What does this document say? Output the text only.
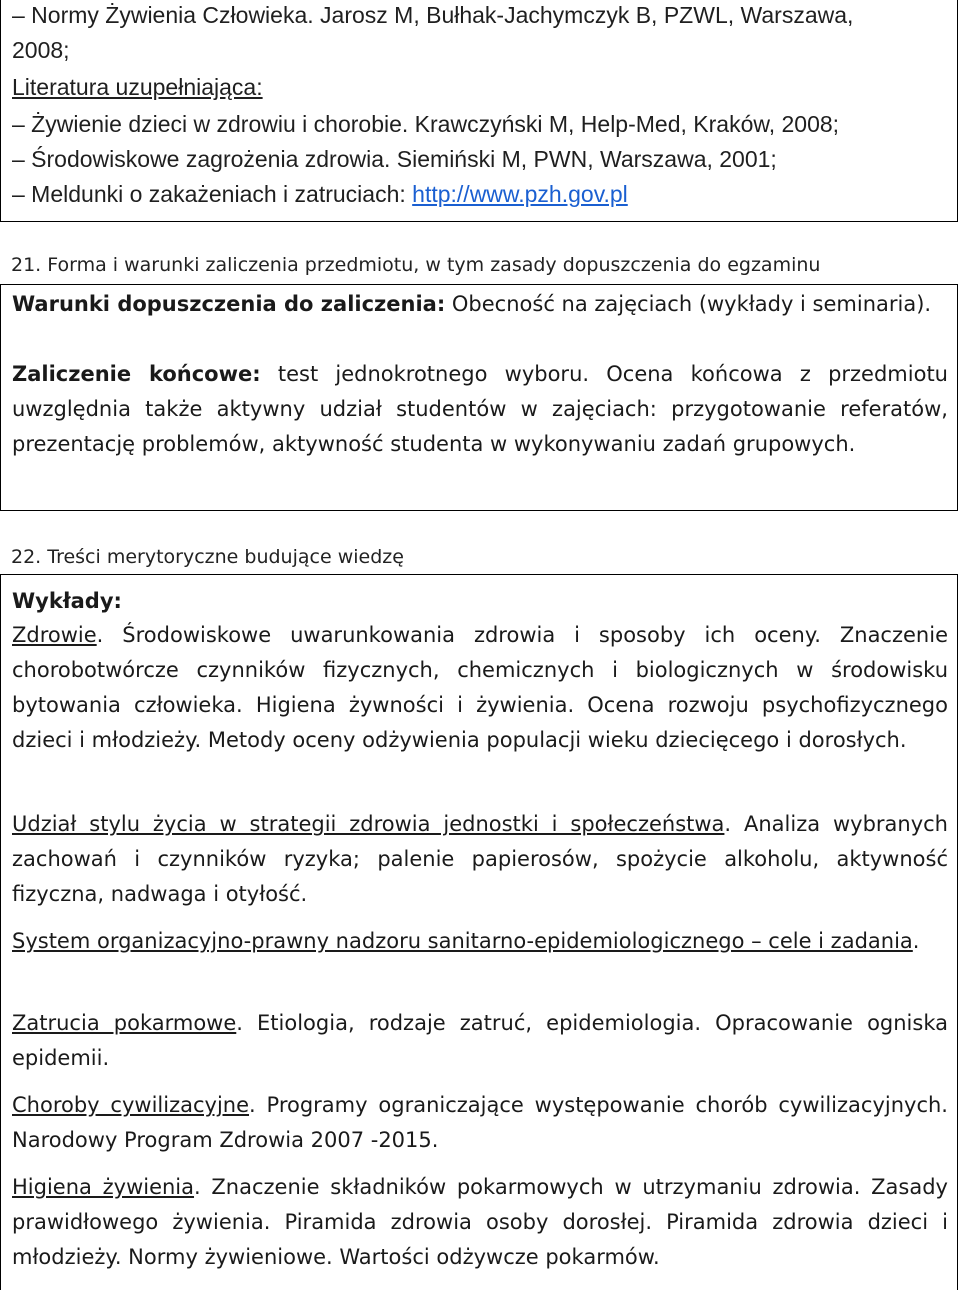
– Normy Żywienia Człowieka. Jarosz M, Bułhak-Jachymczyk B, PZWL, Warszawa,
2008;
Literatura uzupełniająca:
– Żywienie dzieci w zdrowiu i chorobie. Krawczyński M, Help-Med, Kraków, 2008;
– Środowiskowe zagrożenia zdrowia. Siemiński M, PWN, Warszawa, 2001;
– Meldunki o zakażeniach i zatruciach: http://www.pzh.gov.pl
21. Forma i warunki zaliczenia przedmiotu, w tym zasady dopuszczenia do egzaminu

Warunki dopuszczenia do zaliczenia: Obecność na zajęciach (wykłady i seminaria).

Zaliczenie końcowe: test jednokrotnego wyboru. Ocena końcowa z przedmiotu uwzględnia także aktywny udział studentów w zajęciach: przygotowanie referatów, prezentację problemów, aktywność studenta w wykonywaniu zadań grupowych.

22. Treści merytoryczne budujące wiedzę

Wykłady:

Zdrowie. Środowiskowe uwarunkowania zdrowia i sposoby ich oceny. Znaczenie chorobotwórcze czynników fizycznych, chemicznych i biologicznych w środowisku bytowania człowieka. Higiena żywności i żywienia. Ocena rozwoju psychofizycznego dzieci i młodzieży. Metody oceny odżywienia populacji wieku dziecięcego i dorosłych.

Udział stylu życia w strategii zdrowia jednostki i społeczeństwa. Analiza wybranych zachowań i czynników ryzyka; palenie papierosów, spożycie alkoholu, aktywność fizyczna, nadwaga i otyłość.

System organizacyjno-prawny nadzoru sanitarno-epidemiologicznego – cele i zadania.

Zatrucia pokarmowe. Etiologia, rodzaje zatruć, epidemiologia. Opracowanie ogniska epidemii.

Choroby cywilizacyjne. Programy ograniczające występowanie chorób cywilizacyjnych. Narodowy Program Zdrowia 2007 -2015.

Higiena żywienia. Znaczenie składników pokarmowych w utrzymaniu zdrowia. Zasady prawidłowego żywienia. Piramida zdrowia osoby dorosłej. Piramida zdrowia dzieci i młodzieży. Normy żywieniowe. Wartości odżywcze pokarmów.
